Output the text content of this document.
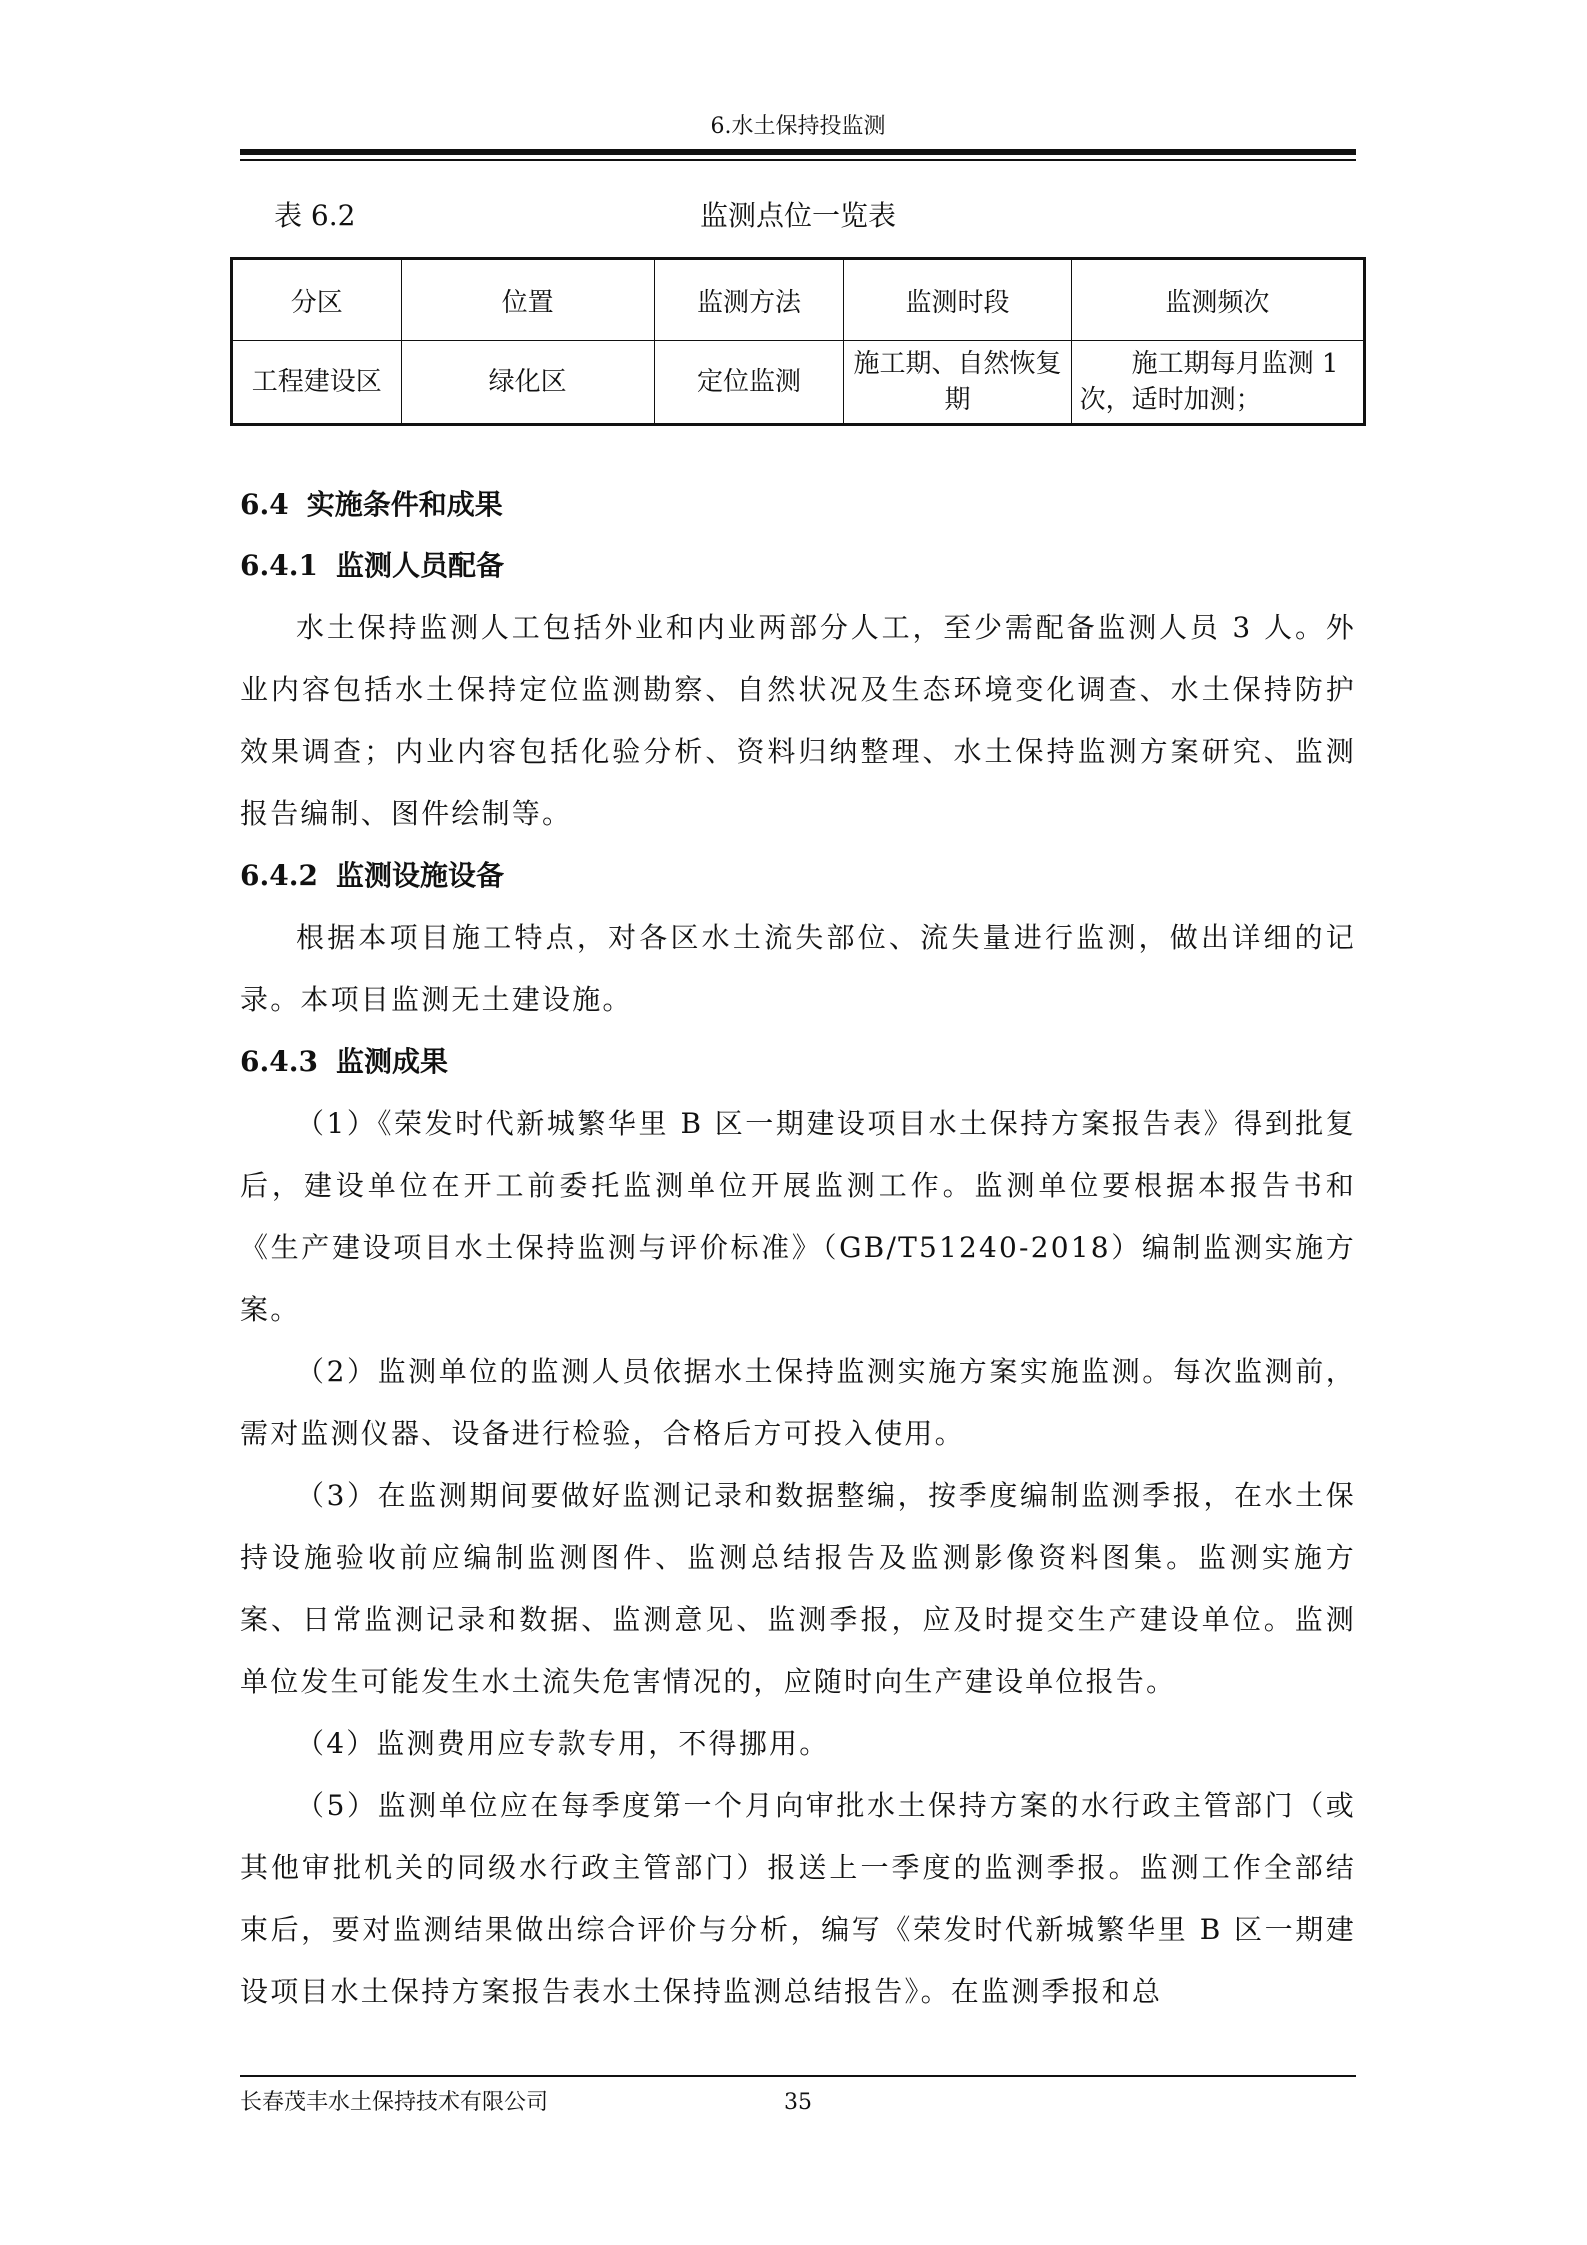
6.水土保持投监测
监测点位一览表
表 6.2
分区	位置	监测方法	监测时段	监测频次
工程建设区	绿化区	定位监测	施工期、自然恢复期	施工期每月监测 1 次，适时加测；
6.4 实施条件和成果
6.4.1 监测人员配备

水土保持监测人工包括外业和内业两部分人工，至少需配备监测人员 3 人。外业内容包括水土保持定位监测勘察、自然状况及生态环境变化调查、水土保持防护效果调查；内业内容包括化验分析、资料归纳整理、水土保持监测方案研究、监测报告编制、图件绘制等。

6.4.2 监测设施设备

根据本项目施工特点，对各区水土流失部位、流失量进行监测，做出详细的记录。本项目监测无土建设施。

6.4.3 监测成果

（1）《荣发时代新城繁华里 B 区一期建设项目水土保持方案报告表》得到批复后，建设单位在开工前委托监测单位开展监测工作。监测单位要根据本报告书和《生产建设项目水土保持监测与评价标准》（GB/T51240-2018）编制监测实施方案。

（2）监测单位的监测人员依据水土保持监测实施方案实施监测。每次监测前，需对监测仪器、设备进行检验，合格后方可投入使用。

（3）在监测期间要做好监测记录和数据整编，按季度编制监测季报，在水土保持设施验收前应编制监测图件、监测总结报告及监测影像资料图集。监测实施方案、日常监测记录和数据、监测意见、监测季报，应及时提交生产建设单位。监测单位发生可能发生水土流失危害情况的，应随时向生产建设单位报告。

（4）监测费用应专款专用，不得挪用。

（5）监测单位应在每季度第一个月向审批水土保持方案的水行政主管部门（或其他审批机关的同级水行政主管部门）报送上一季度的监测季报。监测工作全部结束后，要对监测结果做出综合评价与分析，编写《荣发时代新城繁华里 B 区一期建设项目水土保持方案报告表水土保持监测总结报告》。在监测季报和总

长春茂丰水土保持技术有限公司	35
